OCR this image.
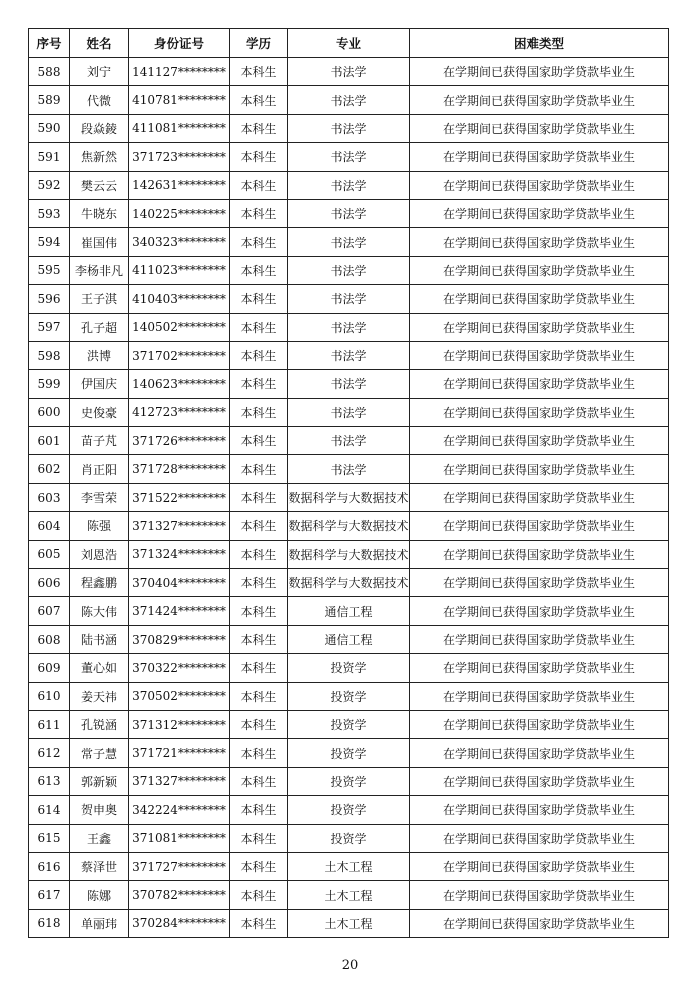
序号	姓名	身份证号	学历	专业	困难类型
588	刘宁	141127********	本科生	书法学	在学期间已获得国家助学贷款毕业生
589	代微	410781********	本科生	书法学	在学期间已获得国家助学贷款毕业生
590	段焱錂	411081********	本科生	书法学	在学期间已获得国家助学贷款毕业生
591	焦新然	371723********	本科生	书法学	在学期间已获得国家助学贷款毕业生
592	樊云云	142631********	本科生	书法学	在学期间已获得国家助学贷款毕业生
593	牛晓东	140225********	本科生	书法学	在学期间已获得国家助学贷款毕业生
594	崔国伟	340323********	本科生	书法学	在学期间已获得国家助学贷款毕业生
595	李杨非凡	411023********	本科生	书法学	在学期间已获得国家助学贷款毕业生
596	王子淇	410403********	本科生	书法学	在学期间已获得国家助学贷款毕业生
597	孔子超	140502********	本科生	书法学	在学期间已获得国家助学贷款毕业生
598	洪博	371702********	本科生	书法学	在学期间已获得国家助学贷款毕业生
599	伊国庆	140623********	本科生	书法学	在学期间已获得国家助学贷款毕业生
600	史俊豪	412723********	本科生	书法学	在学期间已获得国家助学贷款毕业生
601	苗子芃	371726********	本科生	书法学	在学期间已获得国家助学贷款毕业生
602	肖正阳	371728********	本科生	书法学	在学期间已获得国家助学贷款毕业生
603	李雪荣	371522********	本科生	数据科学与大数据技术	在学期间已获得国家助学贷款毕业生
604	陈强	371327********	本科生	数据科学与大数据技术	在学期间已获得国家助学贷款毕业生
605	刘恩浩	371324********	本科生	数据科学与大数据技术	在学期间已获得国家助学贷款毕业生
606	程鑫鹏	370404********	本科生	数据科学与大数据技术	在学期间已获得国家助学贷款毕业生
607	陈大伟	371424********	本科生	通信工程	在学期间已获得国家助学贷款毕业生
608	陆书涵	370829********	本科生	通信工程	在学期间已获得国家助学贷款毕业生
609	董心如	370322********	本科生	投资学	在学期间已获得国家助学贷款毕业生
610	姜天祎	370502********	本科生	投资学	在学期间已获得国家助学贷款毕业生
611	孔锐涵	371312********	本科生	投资学	在学期间已获得国家助学贷款毕业生
612	常子慧	371721********	本科生	投资学	在学期间已获得国家助学贷款毕业生
613	郭新颖	371327********	本科生	投资学	在学期间已获得国家助学贷款毕业生
614	贺申奥	342224********	本科生	投资学	在学期间已获得国家助学贷款毕业生
615	王鑫	371081********	本科生	投资学	在学期间已获得国家助学贷款毕业生
616	蔡泽世	371727********	本科生	土木工程	在学期间已获得国家助学贷款毕业生
617	陈娜	370782********	本科生	土木工程	在学期间已获得国家助学贷款毕业生
618	单丽玮	370284********	本科生	土木工程	在学期间已获得国家助学贷款毕业生
20
